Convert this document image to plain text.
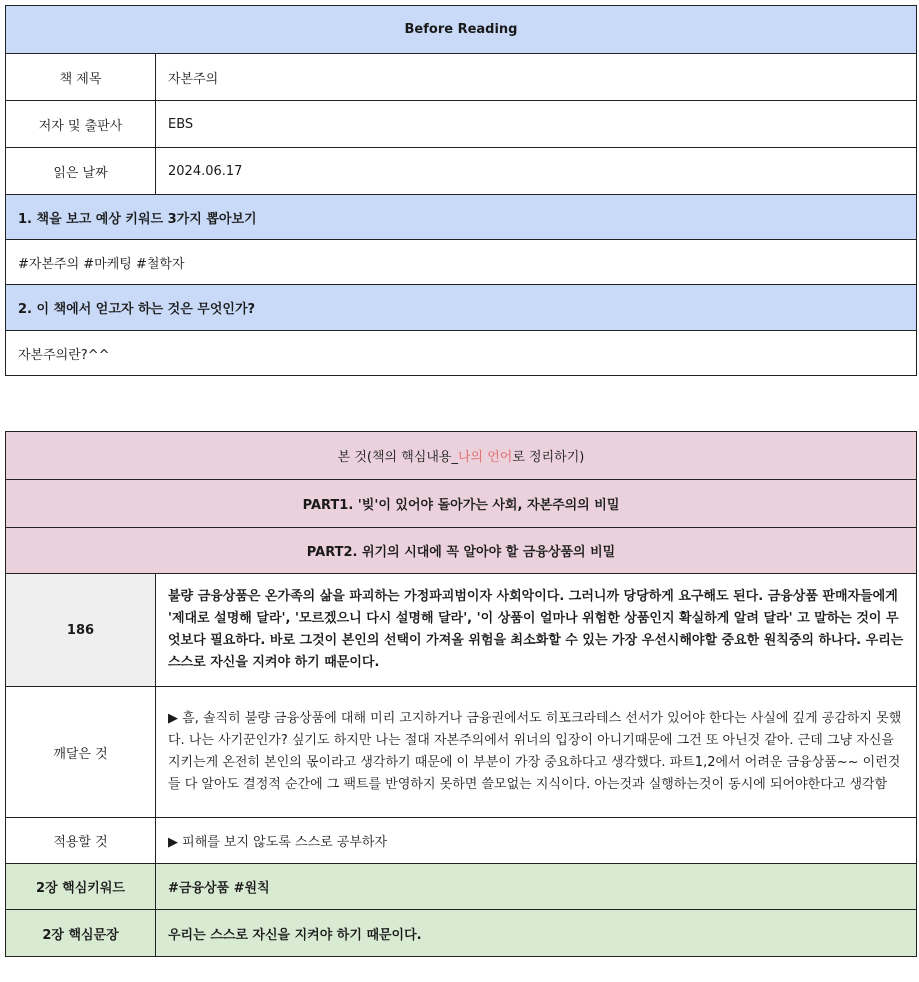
Before Reading	
책 제목	자본주의
저자 및 출판사	EBS
읽은 날짜	2024.06.17
1. 책을 보고 예상 키워드 3가지 뽑아보기	
#자본주의 #마케팅 #철학자	
2. 이 책에서 얻고자 하는 것은 무엇인가?	
자본주의란?^^	
본 것(책의 핵심내용_나의 언어로 정리하기)	
PART1. '빚'이 있어야 돌아가는 사회, 자본주의의 비밀	
PART2. 위기의 시대에 꼭 알아야 할 금융상품의 비밀	
186	불량 금융상품은 온가족의 삶을 파괴하는 가정파괴범이자 사회악이다. 그러니까 당당하게 요구해도 된다. 금융상품 판매자들에게 '제대로 설명해 달라', '모르겠으니 다시 설명해 달라', '이 상품이 얼마나 위험한 상품인지 확실하게 알려 달라' 고 말하는 것이 무엇보다 필요하다. 바로 그것이 본인의 선택이 가져올 위험을 최소화할 수 있는 가장 우선시해야할 중요한 원칙중의 하나다. 우리는 스스로 자신을 지켜야 하기 때문이다.
깨달은 것	▶ 흠, 솔직히 불량 금융상품에 대해 미리 고지하거나 금융권에서도 히포크라테스 선서가 있어야 한다는 사실에 깊게 공감하지 못했다. 나는 사기꾼인가? 싶기도 하지만 나는 절대 자본주의에서 위너의 입장이 아니기때문에 그건 또 아닌것 같아. 근데 그냥 자신을 지키는게 온전히 본인의 몫이라고 생각하기 때문에 이 부분이 가장 중요하다고 생각했다. 파트1,2에서 어려운 금융상품~~ 이런것들 다 알아도 결정적 순간에 그 팩트를 반영하지 못하면 쓸모없는 지식이다. 아는것과 실행하는것이 동시에 되어야한다고 생각함
적용할 것	▶ 피해를 보지 않도록 스스로 공부하자
2장 핵심키워드	#금융상품 #원칙
2장 핵심문장	우리는 스스로 자신을 지켜야 하기 때문이다.
